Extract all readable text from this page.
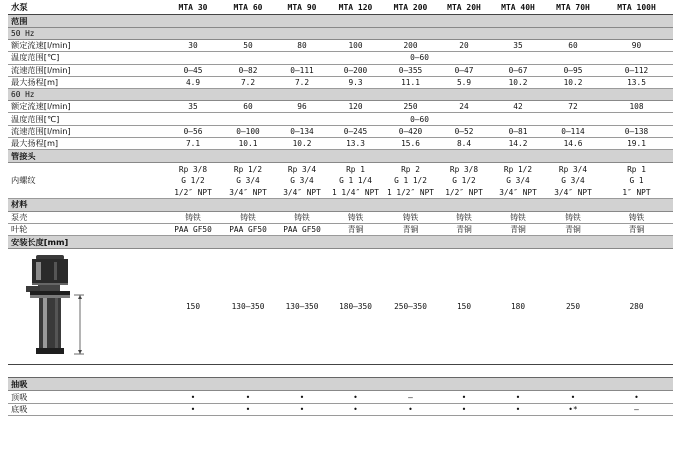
水泵	MTA 30	MTA 60	MTA 90	MTA 120	MTA 200	MTA 20H	MTA 40H	MTA 70H	MTA 100H
范围									
50 Hz									
额定流速[l/min]	30	50	80	100	200	20	35	60	90
温度范围[℃]	0–60								
流速范围[l/min]	0–45	0–82	0–111	0–200	0–355	0–47	0–67	0–95	0–112
最大扬程[m]	4.9	7.2	7.2	9.3	11.1	5.9	10.2	10.2	13.5
60 Hz									
额定流速[l/min]	35	60	96	120	250	24	42	72	108
温度范围[℃]	0–60								
流速范围[l/min]	0–56	0–100	0–134	0–245	0–420	0–52	0–81	0–114	0–138
最大扬程[m]	7.1	10.1	10.2	13.3	15.6	8.4	14.2	14.6	19.1
管接头									
内螺纹	Rp 3/8	Rp 1/2	Rp 3/4	Rp 1	Rp 2	Rp 3/8	Rp 1/2	Rp 3/4	Rp 1
	G 1/2	G 3/4	G 3/4	G 1 1/4	G 1 1/2	G 1/2	G 3/4	G 3/4	G 1
	1/2″ NPT	3/4″ NPT	3/4″ NPT	1 1/4″ NPT	1 1/2″ NPT	1/2″ NPT	3/4″ NPT	3/4″ NPT	1″ NPT
材料									
泵壳	铸铁	铸铁	铸铁	铸铁	铸铁	铸铁	铸铁	铸铁	铸铁
叶轮	PAA GF50	PAA GF50	PAA GF50	青铜	青铜	青铜	青铜	青铜	青铜
安装长度[mm]									

	150	130–350	130–350	180–350	250–350	150	180	250	280

抽吸									
顶吸	•	•	•	•	–	•	•	•	•
底吸	•	•	•	•	•	•	•	•*	–
